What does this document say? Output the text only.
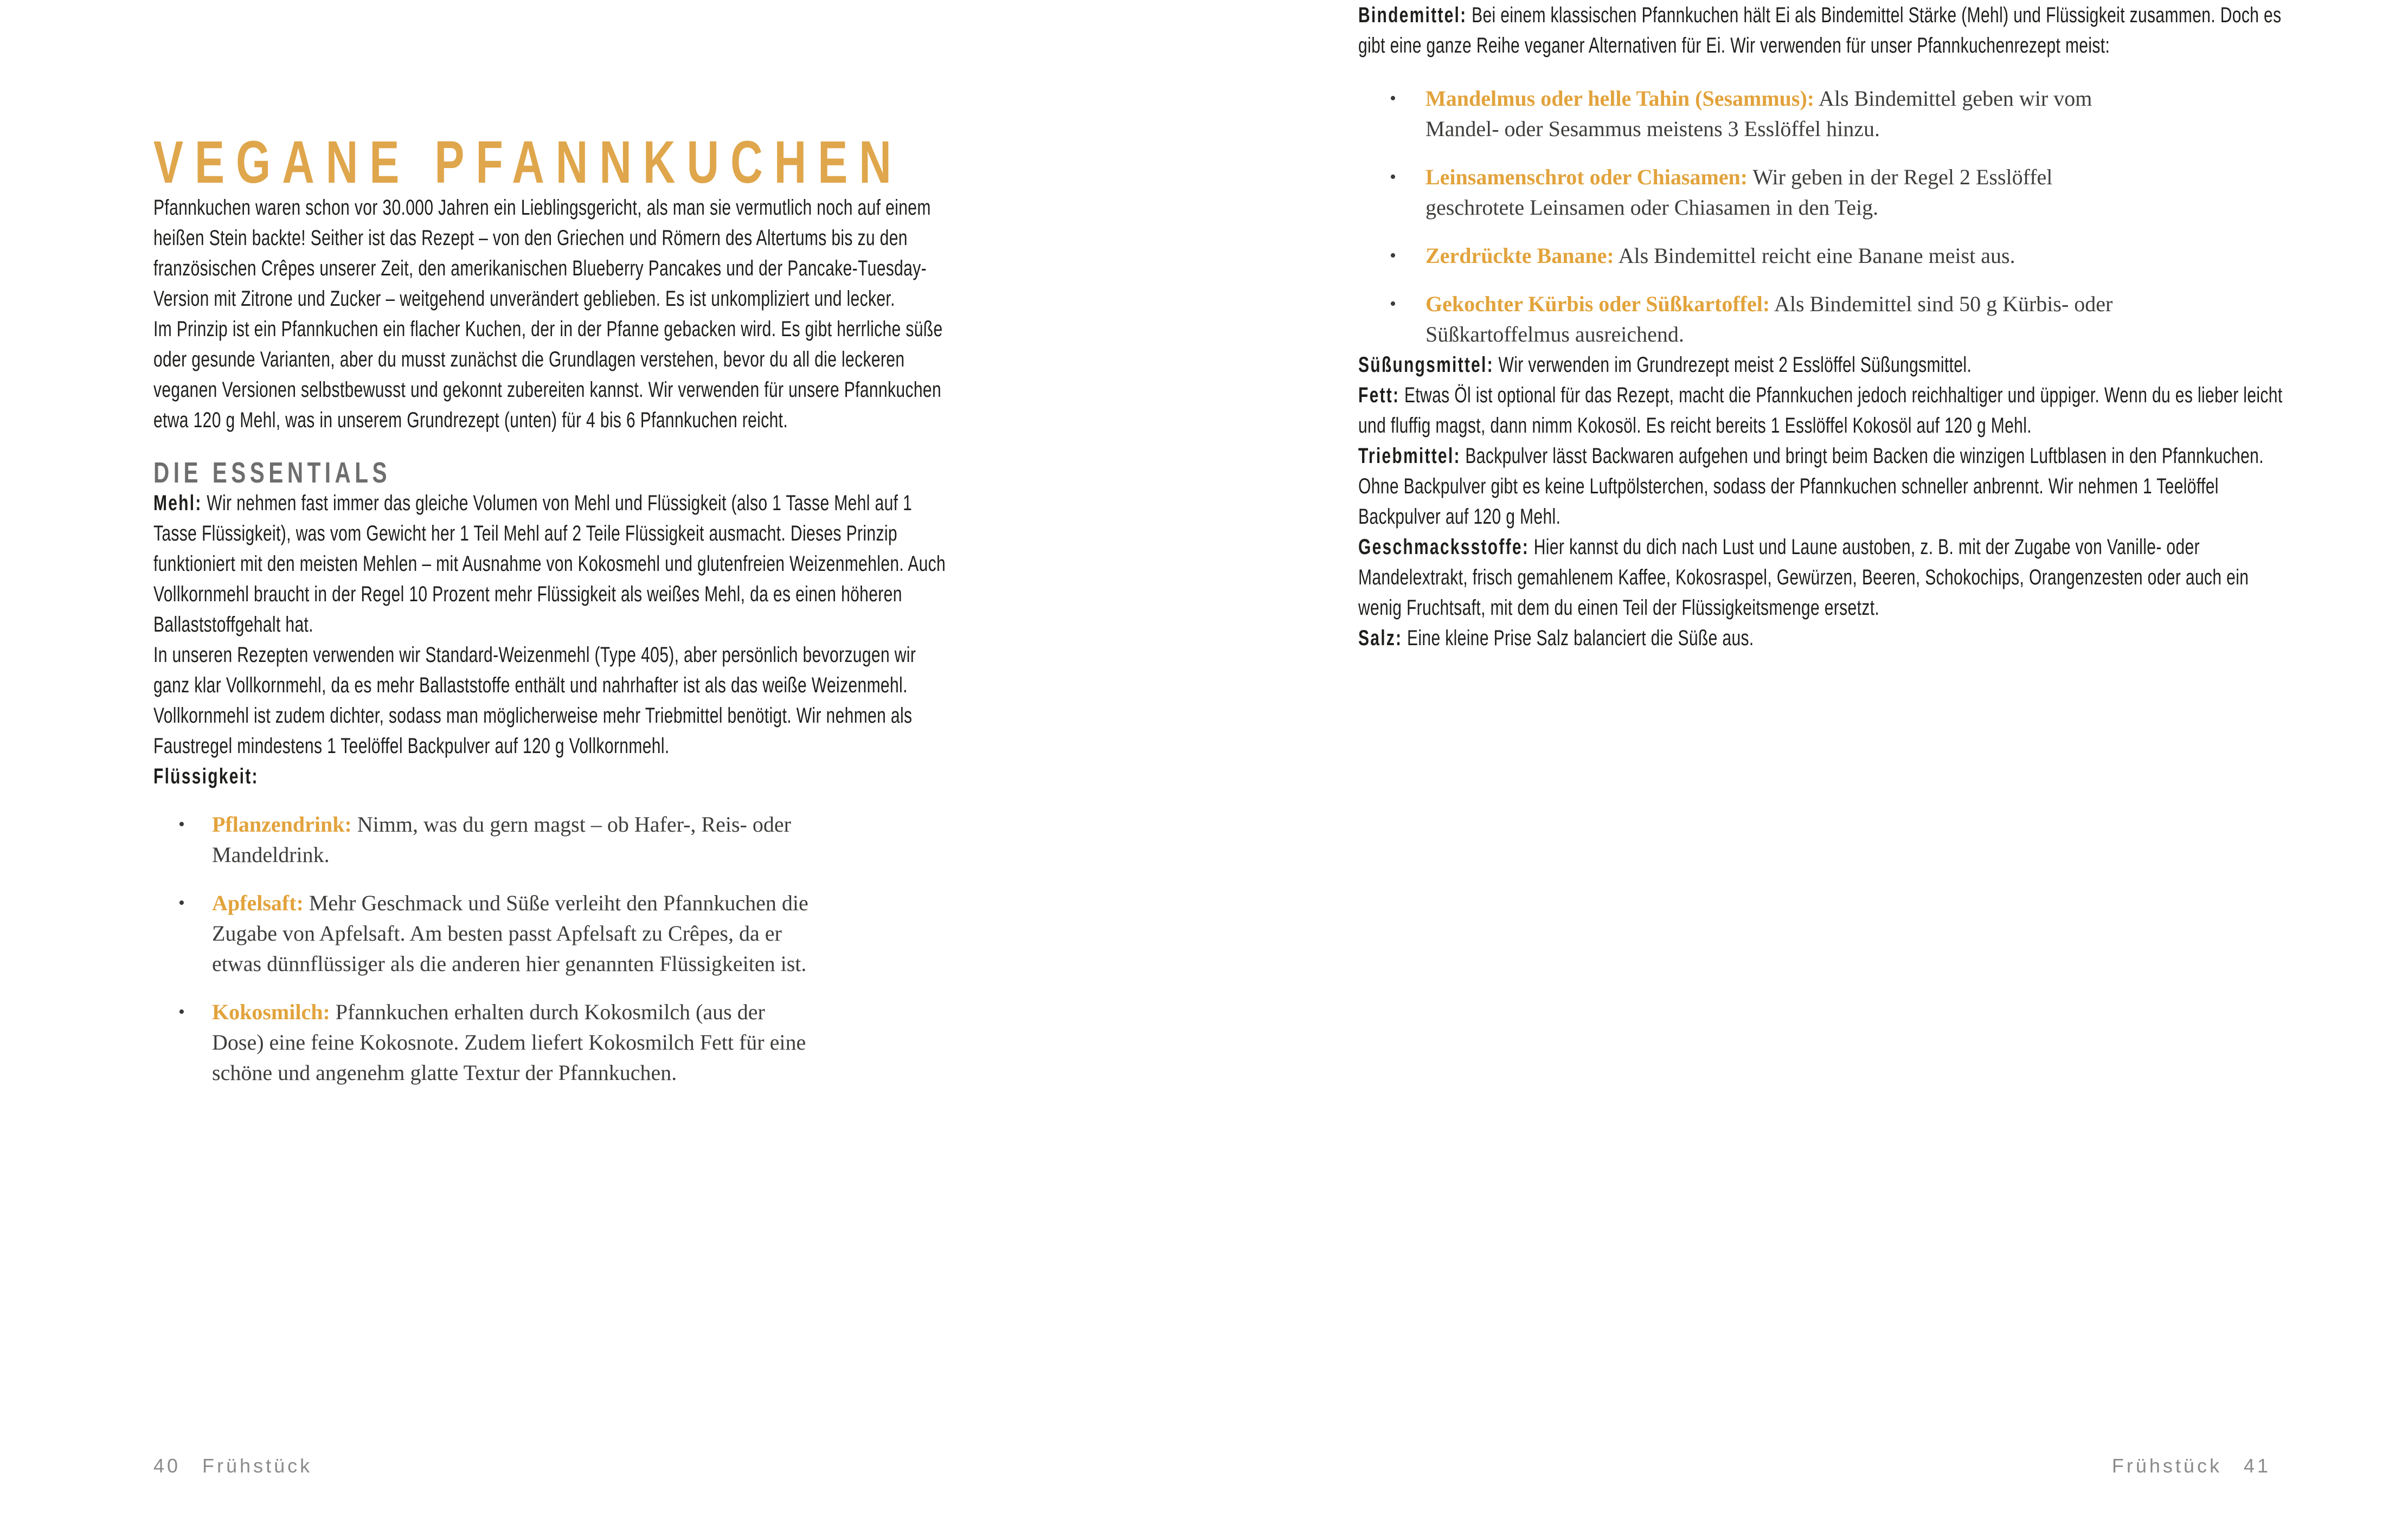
VEGANE PFANNKUCHEN

Pfannkuchen waren schon vor 30.000 Jahren ein Lieblingsgericht, als man sie vermutlich noch auf einem heißen Stein backte! Seither ist das Rezept – von den Griechen und Römern des Altertums bis zu den französischen Crêpes unserer Zeit, den amerikanischen Blueberry Pancakes und der Pancake-Tuesday-Version mit Zitrone und Zucker – weitgehend unverändert geblieben. Es ist unkompliziert und lecker.

Im Prinzip ist ein Pfannkuchen ein flacher Kuchen, der in der Pfanne gebacken wird. Es gibt herrliche süße oder gesunde Varianten, aber du musst zunächst die Grundlagen verstehen, bevor du all die leckeren veganen Versionen selbstbewusst und gekonnt zubereiten kannst. Wir verwenden für unsere Pfannkuchen etwa 120 g Mehl, was in unserem Grundrezept (unten) für 4 bis 6 Pfannkuchen reicht.

DIE ESSENTIALS

Mehl: Wir nehmen fast immer das gleiche Volumen von Mehl und Flüssigkeit (also 1 Tasse Mehl auf 1 Tasse Flüssigkeit), was vom Gewicht her 1 Teil Mehl auf 2 Teile Flüssigkeit ausmacht. Dieses Prinzip funktioniert mit den meisten Mehlen – mit Ausnahme von Kokosmehl und glutenfreien Weizenmehlen. Auch Vollkornmehl braucht in der Regel 10 Prozent mehr Flüssigkeit als weißes Mehl, da es einen höheren Ballaststoffgehalt hat.

In unseren Rezepten verwenden wir Standard-Weizenmehl (Type 405), aber persönlich bevorzugen wir ganz klar Vollkornmehl, da es mehr Ballaststoffe enthält und nahrhafter ist als das weiße Weizenmehl. Vollkornmehl ist zudem dichter, sodass man möglicherweise mehr Triebmittel benötigt. Wir nehmen als Faustregel mindestens 1 Teelöffel Backpulver auf 120 g Vollkornmehl.

Flüssigkeit:

•	Pflanzendrink: Nimm, was du gern magst – ob Hafer-, Reis- oder Mandeldrink.
•	Apfelsaft: Mehr Geschmack und Süße verleiht den Pfannkuchen die Zugabe von Apfelsaft. Am besten passt Apfelsaft zu Crêpes, da er etwas dünnflüssiger als die anderen hier genannten Flüssigkeiten ist.
•	Kokosmilch: Pfannkuchen erhalten durch Kokosmilch (aus der Dose) eine feine Kokosnote. Zudem liefert Kokosmilch Fett für eine schöne und angenehm glatte Textur der Pfannkuchen.
40 Frühstück

Bindemittel: Bei einem klassischen Pfannkuchen hält Ei als Bindemittel Stärke (Mehl) und Flüssigkeit zusammen. Doch es gibt eine ganze Reihe veganer Alternativen für Ei. Wir verwenden für unser Pfannkuchenrezept meist:

•	Mandelmus oder helle Tahin (Sesammus): Als Bindemittel geben wir vom Mandel- oder Sesammus meistens 3 Esslöffel hinzu.
•	Leinsamenschrot oder Chiasamen: Wir geben in der Regel 2 Esslöffel geschrotete Leinsamen oder Chiasamen in den Teig.
•	Zerdrückte Banane: Als Bindemittel reicht eine Banane meist aus.
•	Gekochter Kürbis oder Süßkartoffel: Als Bindemittel sind 50 g Kürbis- oder Süßkartoffelmus ausreichend.

Süßungsmittel: Wir verwenden im Grundrezept meist 2 Esslöffel Süßungsmittel.

Fett: Etwas Öl ist optional für das Rezept, macht die Pfannkuchen jedoch reichhaltiger und üppiger. Wenn du es lieber leicht und fluffig magst, dann nimm Kokosöl. Es reicht bereits 1 Esslöffel Kokosöl auf 120 g Mehl.

Triebmittel: Backpulver lässt Backwaren aufgehen und bringt beim Backen die winzigen Luftblasen in den Pfannkuchen. Ohne Backpulver gibt es keine Luftpölsterchen, sodass der Pfannkuchen schneller anbrennt. Wir nehmen 1 Teelöffel Backpulver auf 120 g Mehl.

Geschmacksstoffe: Hier kannst du dich nach Lust und Laune austoben, z. B. mit der Zugabe von Vanille- oder Mandelextrakt, frisch gemahlenem Kaffee, Kokosraspel, Gewürzen, Beeren, Schokochips, Orangenzesten oder auch ein wenig Fruchtsaft, mit dem du einen Teil der Flüssigkeitsmenge ersetzt.

Salz: Eine kleine Prise Salz balanciert die Süße aus.

Frühstück 41
